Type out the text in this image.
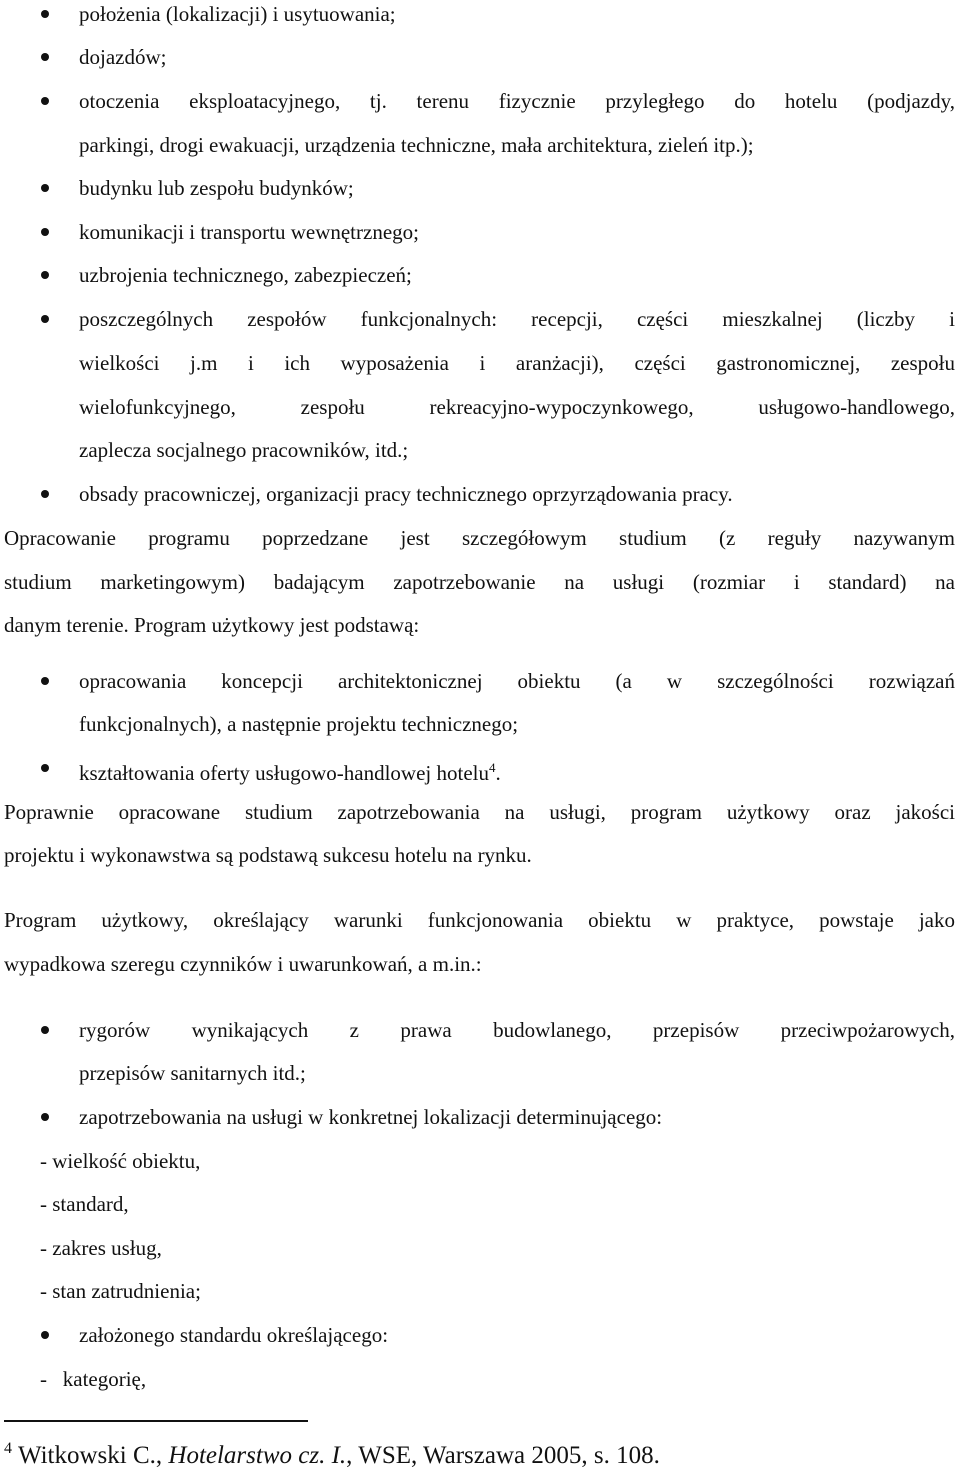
położenia (lokalizacji) i usytuowania;
dojazdów;
otoczenia eksploatacyjnego, tj. terenu fizycznie przyległego do hotelu (podjazdy,
parkingi, drogi ewakuacji, urządzenia techniczne, mała architektura, zieleń itp.);
budynku lub zespołu budynków;
komunikacji i transportu wewnętrznego;
uzbrojenia technicznego, zabezpieczeń;
poszczególnych zespołów funkcjonalnych: recepcji, części mieszkalnej (liczby i
wielkości j.m i ich wyposażenia i aranżacji), części gastronomicznej, zespołu
wielofunkcyjnego, zespołu rekreacyjno-wypoczynkowego, usługowo-handlowego,
zaplecza socjalnego pracowników, itd.;
obsady pracowniczej, organizacji pracy technicznego oprzyrządowania pracy.
Opracowanie programu poprzedzane jest szczegółowym studium (z reguły nazywanym
studium marketingowym) badającym zapotrzebowanie na usługi (rozmiar i standard) na
danym terenie. Program użytkowy jest podstawą:
opracowania koncepcji architektonicznej obiektu (a w szczególności rozwiązań
funkcjonalnych), a następnie projektu technicznego;
kształtowania oferty usługowo-handlowej hotelu$^4$.
Poprawnie opracowane studium zapotrzebowania na usługi, program użytkowy oraz jakości
projektu i wykonawstwa są podstawą sukcesu hotelu na rynku.
Program użytkowy, określający warunki funkcjonowania obiektu w praktyce, powstaje jako
wypadkowa szeregu czynników i uwarunkowań, a m.in.:
rygorów wynikających z prawa budowlanego, przepisów przeciwpożarowych,
przepisów sanitarnych itd.;
zapotrzebowania na usługi w konkretnej lokalizacji determinującego:
- wielkość obiektu,
- standard,
- zakres usług,
- stan zatrudnienia;
założonego standardu określającego:
-   kategorię,
$^4$ Witkowski C., Hotelarstwo cz. I., WSE, Warszawa 2005, s. 108.
